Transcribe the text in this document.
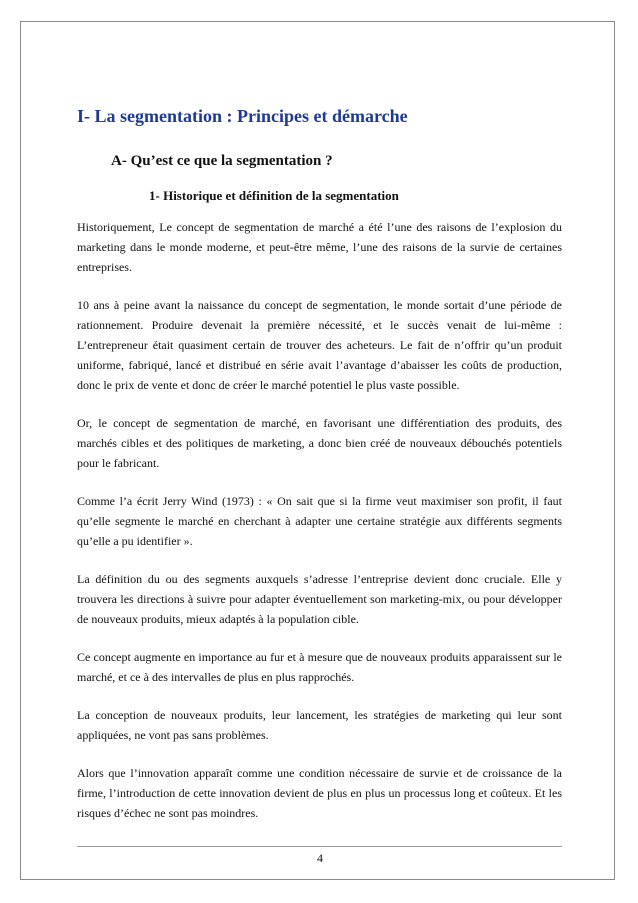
I- La segmentation : Principes et démarche
A- Qu’est ce que la segmentation ?
1- Historique et définition de la segmentation

Historiquement, Le concept de segmentation de marché a été l’une des raisons de l’explosion du marketing dans le monde moderne, et peut-être même, l’une des raisons de la survie de certaines entreprises.

10 ans à peine avant la naissance du concept de segmentation, le monde sortait d’une période de rationnement. Produire devenait la première nécessité, et le succès venait de lui-même : L’entrepreneur était quasiment certain de trouver des acheteurs. Le fait de n’offrir qu’un produit uniforme, fabriqué, lancé et distribué en série avait l’avantage d’abaisser les coûts de production, donc le prix de vente et donc de créer le marché potentiel le plus vaste possible.

Or, le concept de segmentation de marché, en favorisant une différentiation des produits, des marchés cibles et des politiques de marketing, a donc bien créé de nouveaux débouchés potentiels pour le fabricant.

Comme l’a écrit Jerry Wind (1973) : « On sait que si la firme veut maximiser son profit, il faut qu’elle segmente le marché en cherchant à adapter une certaine stratégie aux différents segments qu’elle a pu identifier ».

La définition du ou des segments auxquels s’adresse l’entreprise devient donc cruciale. Elle y trouvera les directions à suivre pour adapter éventuellement son marketing-mix, ou pour développer de nouveaux produits, mieux adaptés à la population cible.

Ce concept augmente en importance au fur et à mesure que de nouveaux produits apparaissent sur le marché, et ce à des intervalles de plus en plus rapprochés.

La conception de nouveaux produits, leur lancement, les stratégies de marketing qui leur sont appliquées, ne vont pas sans problèmes.

Alors que l’innovation apparaît comme une condition nécessaire de survie et de croissance de la firme, l’introduction de cette innovation devient de plus en plus un processus long et coûteux. Et les risques d’échec ne sont pas moindres.

4
